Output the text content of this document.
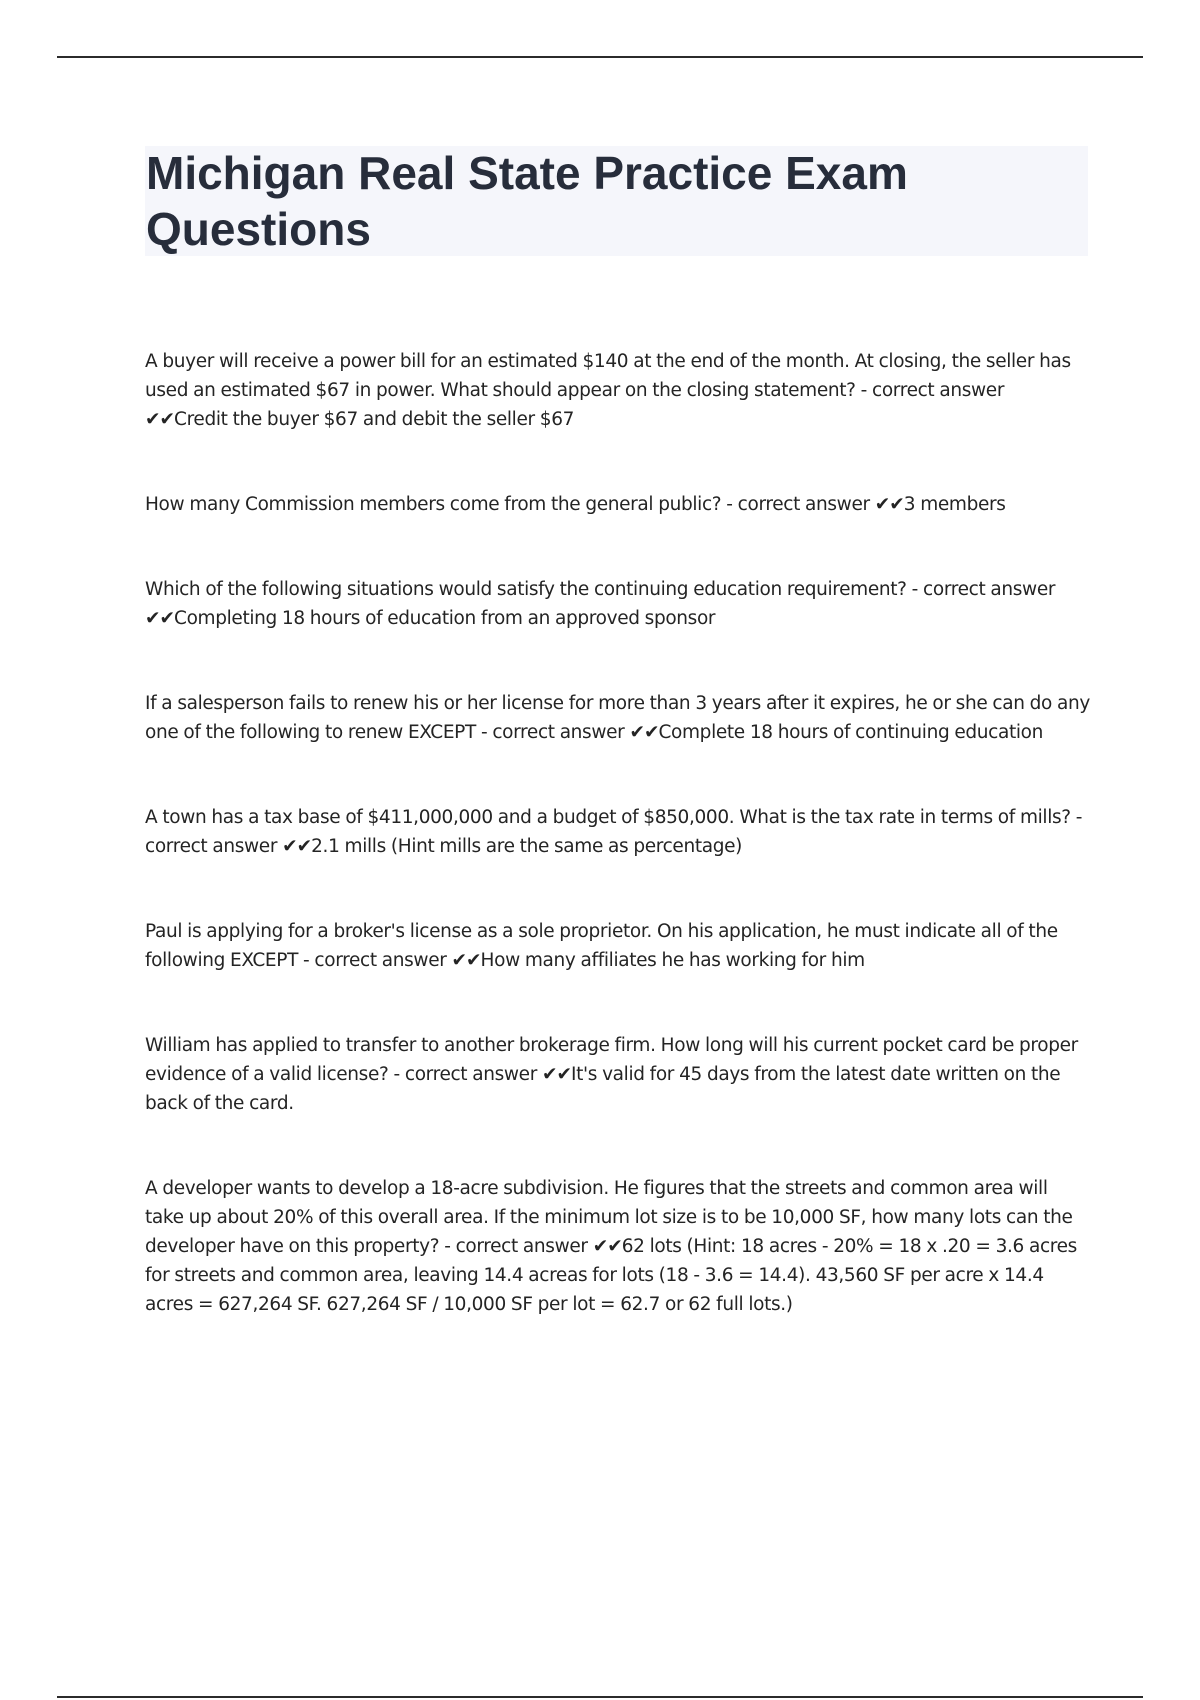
Michigan Real State Practice Exam Questions
A buyer will receive a power bill for an estimated $140 at the end of the month. At closing, the seller has used an estimated $67 in power. What should appear on the closing statement? - correct answer ✔✔Credit the buyer $67 and debit the seller $67
How many Commission members come from the general public? - correct answer ✔✔3 members
Which of the following situations would satisfy the continuing education requirement? - correct answer ✔✔Completing 18 hours of education from an approved sponsor
If a salesperson fails to renew his or her license for more than 3 years after it expires, he or she can do any one of the following to renew EXCEPT - correct answer ✔✔Complete 18 hours of continuing education
A town has a tax base of $411,000,000 and a budget of $850,000. What is the tax rate in terms of mills? - correct answer ✔✔2.1 mills (Hint mills are the same as percentage)
Paul is applying for a broker's license as a sole proprietor. On his application, he must indicate all of the following EXCEPT - correct answer ✔✔How many affiliates he has working for him
William has applied to transfer to another brokerage firm. How long will his current pocket card be proper evidence of a valid license? - correct answer ✔✔It's valid for 45 days from the latest date written on the back of the card.
A developer wants to develop a 18-acre subdivision. He figures that the streets and common area will take up about 20% of this overall area. If the minimum lot size is to be 10,000 SF, how many lots can the developer have on this property? - correct answer ✔✔62 lots (Hint: 18 acres - 20% = 18 x .20 = 3.6 acres for streets and common area, leaving 14.4 acreas for lots (18 - 3.6 = 14.4). 43,560 SF per acre x 14.4 acres = 627,264 SF. 627,264 SF / 10,000 SF per lot = 62.7 or 62 full lots.)
